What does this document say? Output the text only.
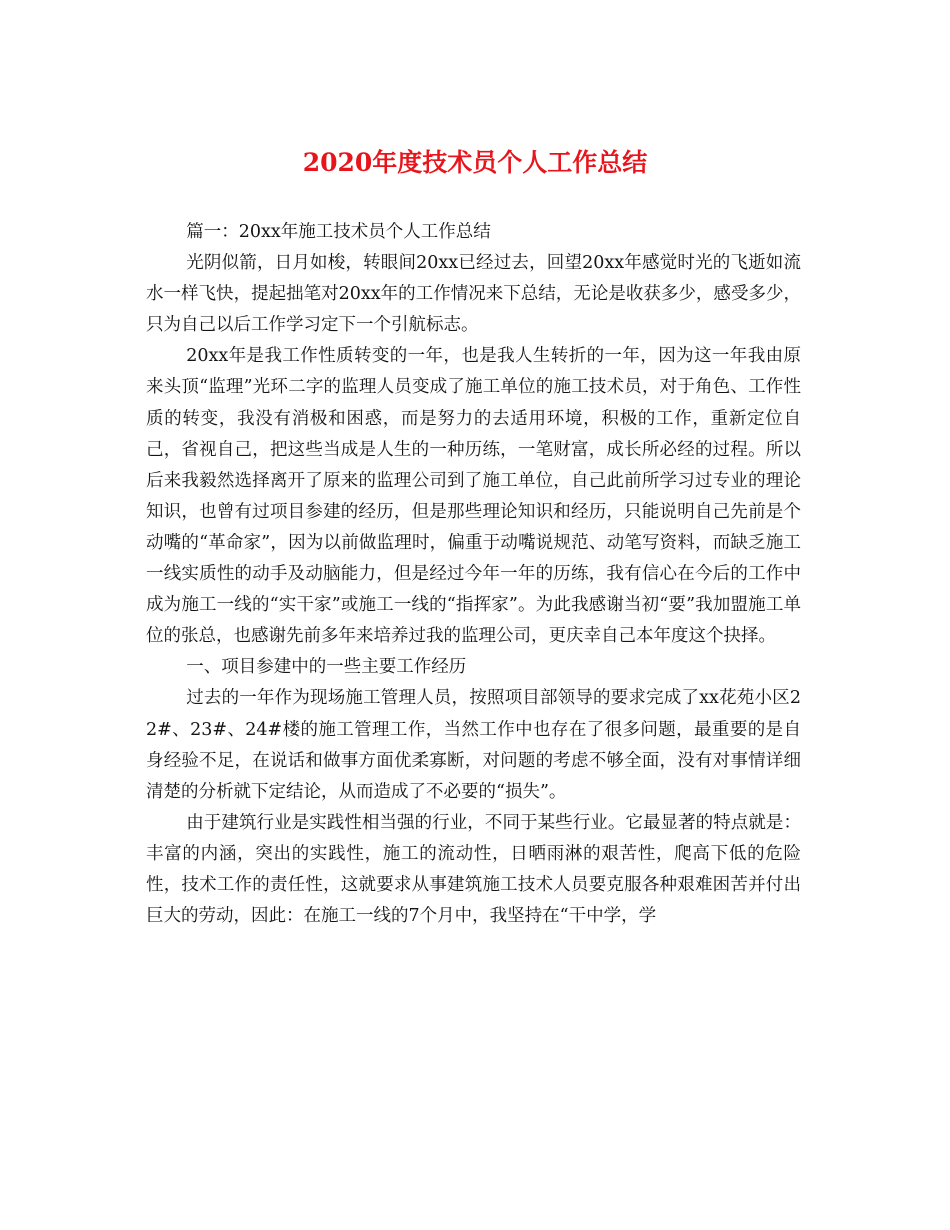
2020年度技术员个人工作总结

篇一：20xx年施工技术员个人工作总结

光阴似箭，日月如梭，转眼间20xx已经过去，回望20xx年感觉时光的飞逝如流水一样飞快，提起拙笔对20xx年的工作情况来下总结，无论是收获多少，感受多少，只为自己以后工作学习定下一个引航标志。

20xx年是我工作性质转变的一年，也是我人生转折的一年，因为这一年我由原来头顶“监理”光环二字的监理人员变成了施工单位的施工技术员，对于角色、工作性质的转变，我没有消极和困惑，而是努力的去适用环境，积极的工作，重新定位自己，省视自己，把这些当成是人生的一种历练，一笔财富，成长所必经的过程。所以后来我毅然选择离开了原来的监理公司到了施工单位，自己此前所学习过专业的理论知识，也曾有过项目参建的经历，但是那些理论知识和经历，只能说明自己先前是个动嘴的“革命家”，因为以前做监理时，偏重于动嘴说规范、动笔写资料，而缺乏施工一线实质性的动手及动脑能力，但是经过今年一年的历练，我有信心在今后的工作中成为施工一线的“实干家”或施工一线的“指挥家”。为此我感谢当初“要”我加盟施工单位的张总，也感谢先前多年来培养过我的监理公司，更庆幸自己本年度这个抉择。

一、项目参建中的一些主要工作经历

过去的一年作为现场施工管理人员，按照项目部领导的要求完成了xx花苑小区22#、23#、24#楼的施工管理工作，当然工作中也存在了很多问题，最重要的是自身经验不足，在说话和做事方面优柔寡断，对问题的考虑不够全面，没有对事情详细清楚的分析就下定结论，从而造成了不必要的“损失”。

由于建筑行业是实践性相当强的行业，不同于某些行业。它最显著的特点就是：丰富的内涵，突出的实践性，施工的流动性，日晒雨淋的艰苦性，爬高下低的危险性，技术工作的责任性，这就要求从事建筑施工技术人员要克服各种艰难困苦并付出巨大的劳动，因此：在施工一线的7个月中，我坚持在“干中学，学
